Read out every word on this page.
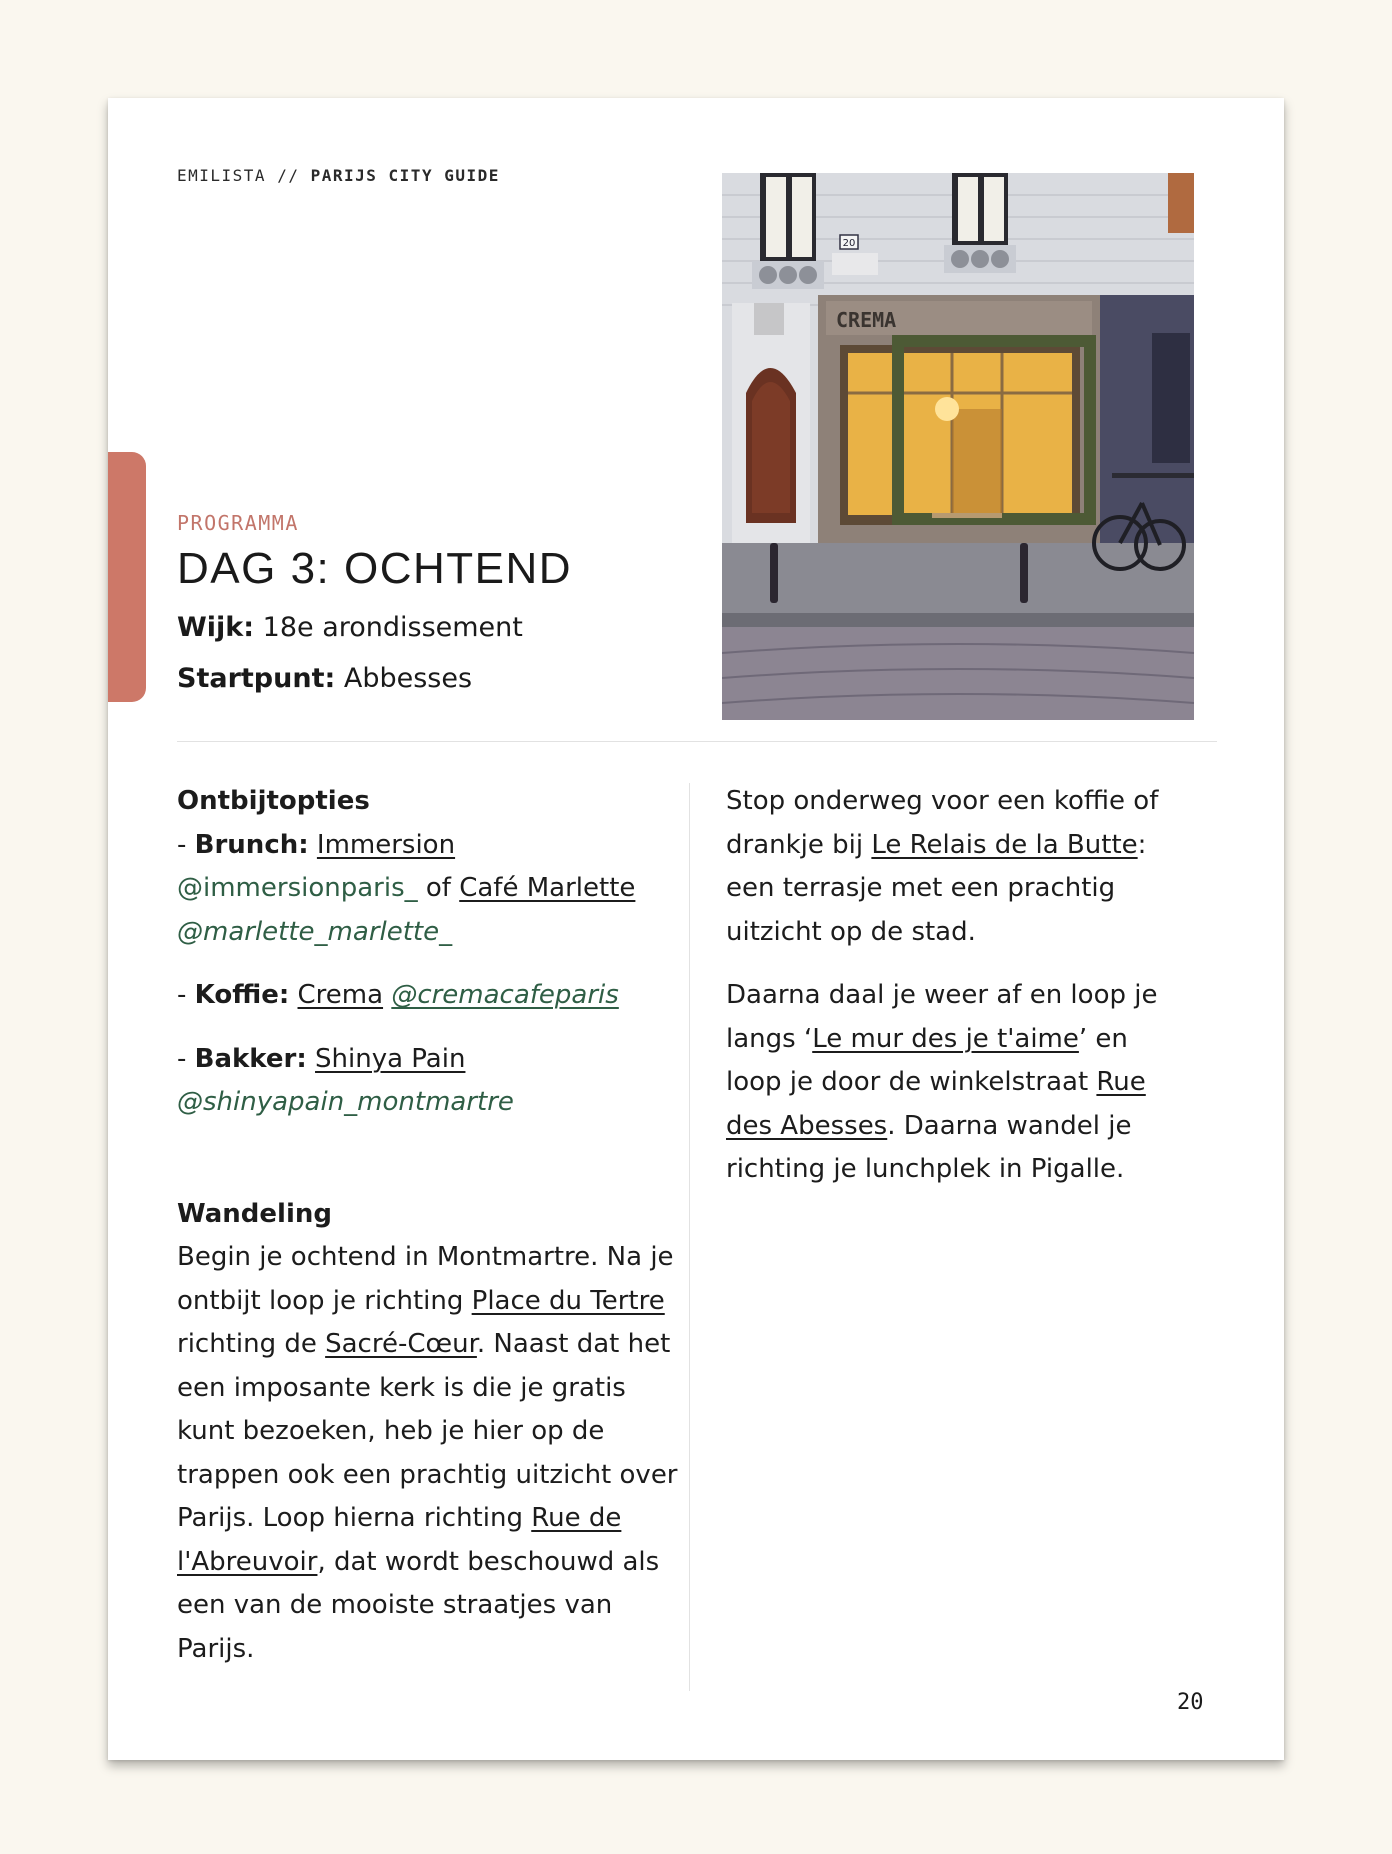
EMILISTA // PARIJS CITY GUIDE
20
CREMA
PROGRAMMA
DAG 3: OCHTEND
Wijk: 18e arondissement
Startpunt: Abbesses

Ontbijtopties

- Brunch: Immersion @immersionparis_ of Café Marlette @marlette_marlette_

- Koffie: Crema @cremacafeparis

- Bakker: Shinya Pain @shinyapain_montmartre

Wandeling

Begin je ochtend in Montmartre. Na je ontbijt loop je richting Place du Tertre richting de Sacré-Cœur. Naast dat het een imposante kerk is die je gratis kunt bezoeken, heb je hier op de trappen ook een prachtig uitzicht over Parijs. Loop hierna richting Rue de l'Abreuvoir, dat wordt beschouwd als een van de mooiste straatjes van Parijs.

Stop onderweg voor een koffie of drankje bij Le Relais de la Butte: een terrasje met een prachtig uitzicht op de stad.

Daarna daal je weer af en loop je langs ‘Le mur des je t'aime’ en loop je door de winkelstraat Rue des Abesses. Daarna wandel je richting je lunchplek in Pigalle.

20
